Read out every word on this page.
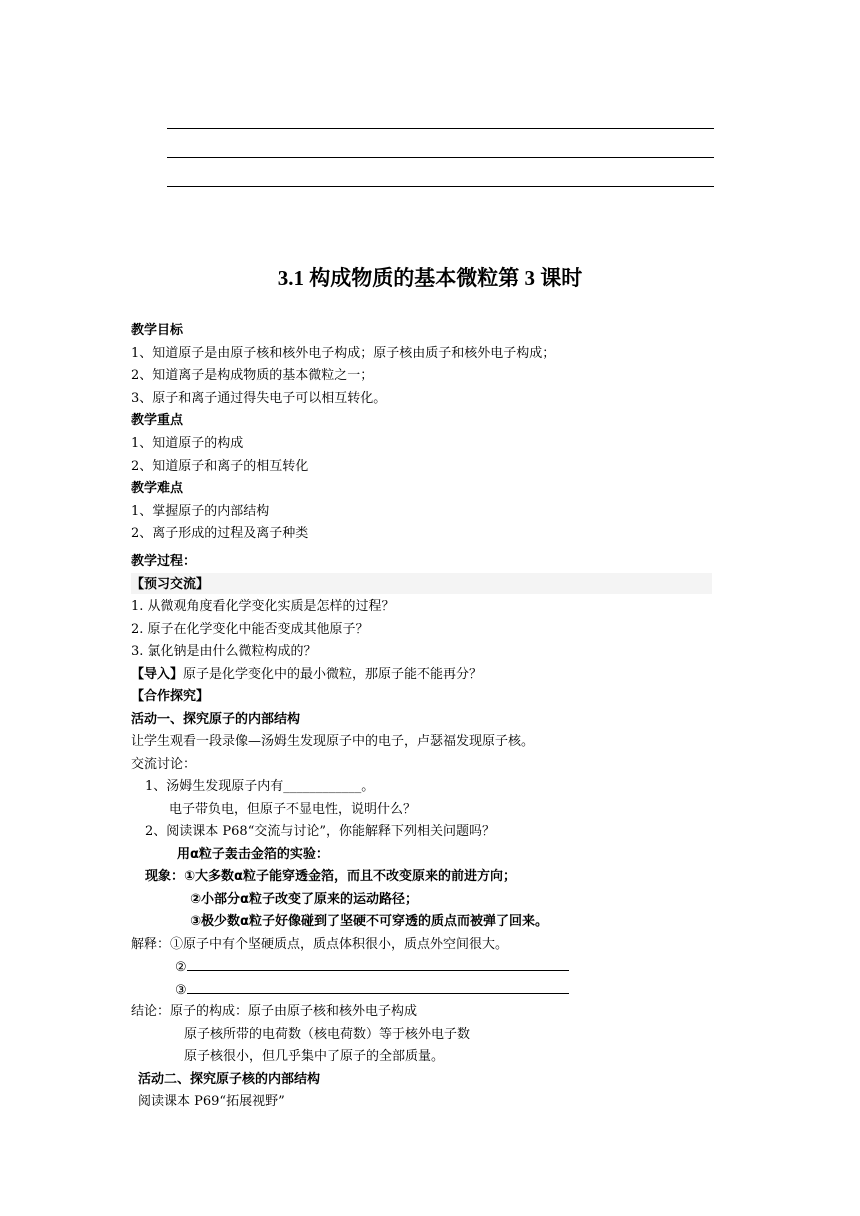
3.1 构成物质的基本微粒第 3 课时
教学目标
1、知道原子是由原子核和核外电子构成；原子核由质子和核外电子构成；
2、知道离子是构成物质的基本微粒之一；
3、原子和离子通过得失电子可以相互转化。
教学重点
1、知道原子的构成
2、知道原子和离子的相互转化
教学难点
1、掌握原子的内部结构
2、离子形成的过程及离子种类
教学过程：
【预习交流】
1. 从微观角度看化学变化实质是怎样的过程？
2. 原子在化学变化中能否变成其他原子？
3. 氯化钠是由什么微粒构成的？
【导入】原子是化学变化中的最小微粒，那原子能不能再分？
【合作探究】
活动一、探究原子的内部结构
让学生观看一段录像—汤姆生发现原子中的电子，卢瑟福发现原子核。
交流讨论：
1、汤姆生发现原子内有____________。
电子带负电，但原子不显电性，说明什么？
2、阅读课本 P68“交流与讨论”，你能解释下列相关问题吗？
用α粒子轰击金箔的实验：
现象：①大多数α粒子能穿透金箔，而且不改变原来的前进方向；
②小部分α粒子改变了原来的运动路径；
③极少数α粒子好像碰到了坚硬不可穿透的质点而被弹了回来。
解释：①原子中有个坚硬质点，质点体积很小，质点外空间很大。
②
③
结论：原子的构成：原子由原子核和核外电子构成
原子核所带的电荷数（核电荷数）等于核外电子数
原子核很小，但几乎集中了原子的全部质量。
活动二、探究原子核的内部结构
阅读课本 P69“拓展视野”
